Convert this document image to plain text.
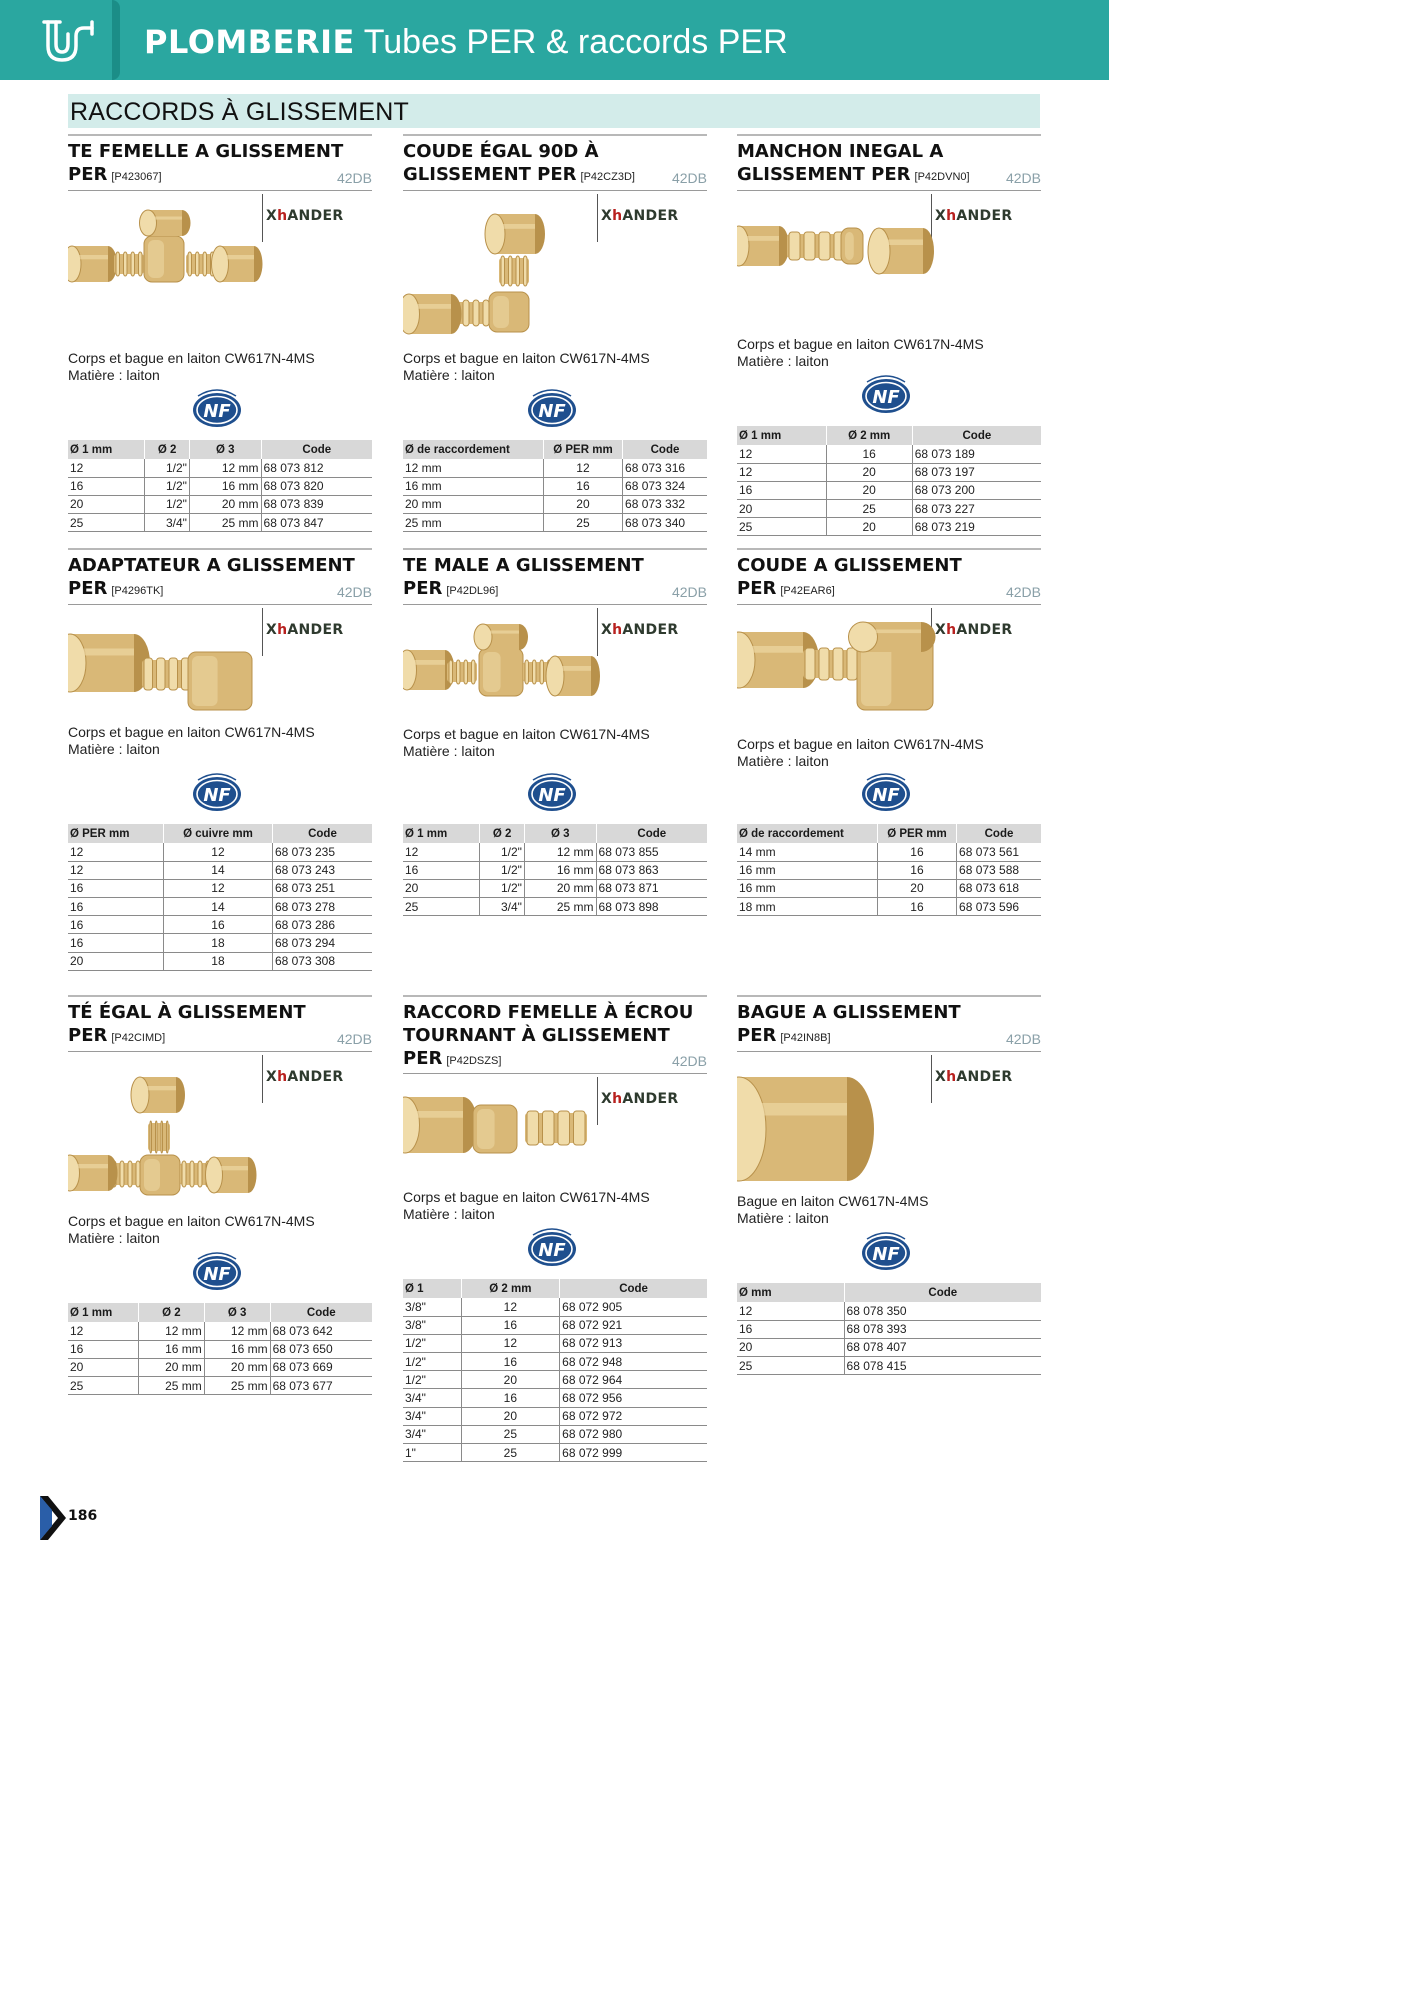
PLOMBERIE Tubes PER & raccords PER
RACCORDS À GLISSEMENT
TE FEMELLE A GLISSEMENT PER [P423067]	42DB
XhANDER
Corps et bague en laiton CW617N-4MS
Matière : laiton
NF
Ø 1 mm	Ø 2	Ø 3	Code
12	1/2"	12 mm	68 073 812
16	1/2"	16 mm	68 073 820
20	1/2"	20 mm	68 073 839
25	3/4"	25 mm	68 073 847
COUDE ÉGAL 90D À GLISSEMENT PER [P42CZ3D]	42DB
XhANDER
Corps et bague en laiton CW617N-4MS
Matière : laiton
NF
Ø de raccordement	Ø PER mm	Code
12 mm	12	68 073 316
16 mm	16	68 073 324
20 mm	20	68 073 332
25 mm	25	68 073 340
MANCHON INEGAL A GLISSEMENT PER [P42DVN0]	42DB
XhANDER
Corps et bague en laiton CW617N-4MS
Matière : laiton
NF
Ø 1 mm	Ø 2 mm	Code
12	16	68 073 189
12	20	68 073 197
16	20	68 073 200
20	25	68 073 227
25	20	68 073 219
ADAPTATEUR A GLISSEMENT PER [P4296TK]	42DB
XhANDER
Corps et bague en laiton CW617N-4MS
Matière : laiton
NF
Ø PER mm	Ø cuivre mm	Code
12	12	68 073 235
12	14	68 073 243
16	12	68 073 251
16	14	68 073 278
16	16	68 073 286
16	18	68 073 294
20	18	68 073 308
TE MALE A GLISSEMENT PER [P42DL96]	42DB
XhANDER
Corps et bague en laiton CW617N-4MS
Matière : laiton
NF
Ø 1 mm	Ø 2	Ø 3	Code
12	1/2"	12 mm	68 073 855
16	1/2"	16 mm	68 073 863
20	1/2"	20 mm	68 073 871
25	3/4"	25 mm	68 073 898
COUDE A GLISSEMENT PER [P42EAR6]	42DB
XhANDER
Corps et bague en laiton CW617N-4MS
Matière : laiton
NF
Ø de raccordement	Ø PER mm	Code
14 mm	16	68 073 561
16 mm	16	68 073 588
16 mm	20	68 073 618
18 mm	16	68 073 596
TÉ ÉGAL À GLISSEMENT PER [P42CIMD]	42DB
XhANDER
Corps et bague en laiton CW617N-4MS
Matière : laiton
NF
Ø 1 mm	Ø 2	Ø 3	Code
12	12 mm	12 mm	68 073 642
16	16 mm	16 mm	68 073 650
20	20 mm	20 mm	68 073 669
25	25 mm	25 mm	68 073 677
RACCORD FEMELLE À ÉCROU TOURNANT À GLISSEMENT PER [P42DSZS]	42DB
XhANDER
Corps et bague en laiton CW617N-4MS
Matière : laiton
NF
Ø 1	Ø 2 mm	Code
3/8"	12	68 072 905
3/8"	16	68 072 921
1/2"	12	68 072 913
1/2"	16	68 072 948
1/2"	20	68 072 964
3/4"	16	68 072 956
3/4"	20	68 072 972
3/4"	25	68 072 980
1"	25	68 072 999
BAGUE A GLISSEMENT PER [P42IN8B]	42DB
XhANDER
Bague en laiton CW617N-4MS
Matière : laiton
NF
Ø mm	Code
12	68 078 350
16	68 078 393
20	68 078 407
25	68 078 415
186
